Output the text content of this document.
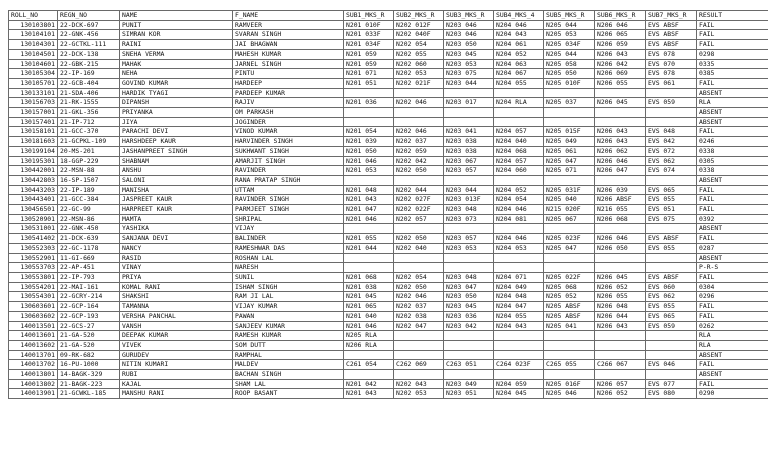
ROLL_NO	REGN_NO	NAME	F_NAME	SUB1_MKS_R	SUB2_MKS_R	SUB3_MKS_R	SUB4_MKS_4	SUB5_MKS_R	SUB6_MKS_R	SUB7_MKS_R	RESULT
130103801	22-DCK-697	PUNIT	RAMVEER	N201 010F	N202 012F	N203 046	N204 046	N205 044	N206 046	EVS ABSF	FAIL
130104101	22-GNK-456	SIMRAN KOR	SVARAN SINGH	N201 033F	N202 040F	N203 046	N204 043	N205 053	N206 065	EVS ABSF	FAIL
130104301	22-GCTKL-111	RAINI	JAI BHAGWAN	N201 034F	N202 054	N203 050	N204 061	N205 034F	N206 059	EVS ABSF	FAIL
130104501	22-DCK-138	SNEHA VERMA	MAHESH KUMAR	N201 059	N202 055	N203 045	N204 052	N205 044	N206 043	EVS 078	0298
130104601	22-GBK-215	MAHAK	JARNEL SINGH	N201 059	N202 060	N203 053	N204 063	N205 058	N206 042	EVS 070	0335
130105304	22-IP-169	NEHA	PINTU	N201 071	N202 053	N203 075	N204 067	N205 050	N206 069	EVS 078	0385
130105701	22-GCB-404	GOVIND KUMAR	HARDEEP	N201 051	N202 021F	N203 044	N204 055	N205 010F	N206 055	EVS 061	FAIL
130133101	21-SDA-406	HARDIK TYAGI	PARDEEP KUMAR								ABSENT
130156703	21-RK-1555	DIPANSH	RAJIV	N201 036	N202 046	N203 017	N204 RLA	N205 037	N206 045	EVS 059	RLA
130157001	21-GKL-356	PRIYANKA	OM PARKASH								ABSENT
130157401	21-IP-712	JIYA	JOGINDER								ABSENT
130158101	21-GCC-370	PARACHI DEVI	VINOD KUMAR	N201 054	N202 046	N203 041	N204 057	N205 015F	N206 043	EVS 048	FAIL
130181603	21-GCPKL-109	HARSHDEEP KAUR	HARVINDER SINGH	N201 039	N202 037	N203 038	N204 040	N205 049	N206 043	EVS 042	0246
130199104	20-MS-201	JASHANPREET SINGH	SUKHWANT SINGH	N201 050	N202 059	N203 038	N204 068	N205 061	N206 062	EVS 072	0338
130195301	18-GGP-229	SHABNAM	AMARJIT SINGH	N201 046	N202 042	N203 067	N204 057	N205 047	N206 046	EVS 062	0305
130442001	22-MSN-88	ANSHU	RAVINDER	N201 053	N202 050	N203 057	N204 060	N205 071	N206 047	EVS 074	0338
130442803	16-SP-1507	SALONI	RANA PRATAP SINGH								ABSENT
130443203	22-IP-189	MANISHA	UTTAM	N201 048	N202 044	N203 044	N204 052	N205 031F	N206 039	EVS 065	FAIL
130443401	21-GCC-384	JASPREET KAUR	RAVINDER SINGH	N201 043	N202 027F	N203 013F	N204 054	N205 040	N206 ABSF	EVS 055	FAIL
130456501	22-GC-99	HARPREET KAUR	PARMJEET SINGH	N201 047	N202 022F	N203 048	N204 046	N215 020F	N216 055	EVS 051	FAIL
130520901	22-MSN-86	MAMTA	SHRIPAL	N201 046	N202 057	N203 073	N204 081	N205 067	N206 068	EVS 075	0392
130531001	22-GNK-450	YASHIKA	VIJAY								ABSENT
130541402	21-DCK-639	SANJANA DEVI	BALINDER	N201 055	N202 050	N203 057	N204 046	N205 023F	N206 046	EVS ABSF	FAIL
130552303	22-GC-1178	NANCY	RAMESHWAR DAS	N201 044	N202 040	N203 053	N204 053	N205 047	N206 050	EVS 055	0287
130552901	11-GI-669	RASID	ROSHAN LAL								ABSENT
130553703	22-AP-451	VINAY	NARESH								P-R-S
130553801	22-IP-793	PRIYA	SUNIL	N201 068	N202 054	N203 048	N204 071	N205 022F	N206 045	EVS ABSF	FAIL
130554201	22-MAI-161	KOMAL RANI	ISHAM SINGH	N201 038	N202 050	N203 047	N204 049	N205 068	N206 052	EVS 060	0304
130554301	22-GCRY-214	SHAKSHI	RAM JI LAL	N201 045	N202 046	N203 050	N204 048	N205 052	N206 055	EVS 062	0296
130603601	22-GCP-164	TAMANNA	VIJAY KUMAR	N201 065	N202 037	N203 045	N204 047	N205 ABSF	N206 048	EVS 055	FAIL
130603602	22-GCP-193	VERSHA PANCHAL	PAWAN	N201 040	N202 038	N203 036	N204 055	N205 ABSF	N206 044	EVS 065	FAIL
140013501	22-GCS-27	VANSH	SANJEEV KUMAR	N201 046	N202 047	N203 042	N204 043	N205 041	N206 043	EVS 059	0262
140013601	21-GA-520	DEEPAK KUMAR	RAMESH KUMAR	N205 RLA							RLA
140013602	21-GA-520	VIVEK	SOM DUTT	N206 RLA							RLA
140013701	09-RK-682	GURUDEV	RAMPHAL								ABSENT
140013702	16-PU-1000	NITIN KUMARI	MALDEV	C261 054	C262 069	C263 051	C264 023F	C265 055	C266 067	EVS 046	FAIL
140013801	14-BAGK-329	RUBI	BACHAN SINGH								ABSENT
140013802	21-BAGK-223	KAJAL	SHAM LAL	N201 042	N202 043	N203 049	N204 059	N205 016F	N206 057	EVS 077	FAIL
140013901	21-GCWKL-185	MANSHU RANI	ROOP BASANT	N201 043	N202 053	N203 051	N204 045	N205 046	N206 052	EVS 080	0290
